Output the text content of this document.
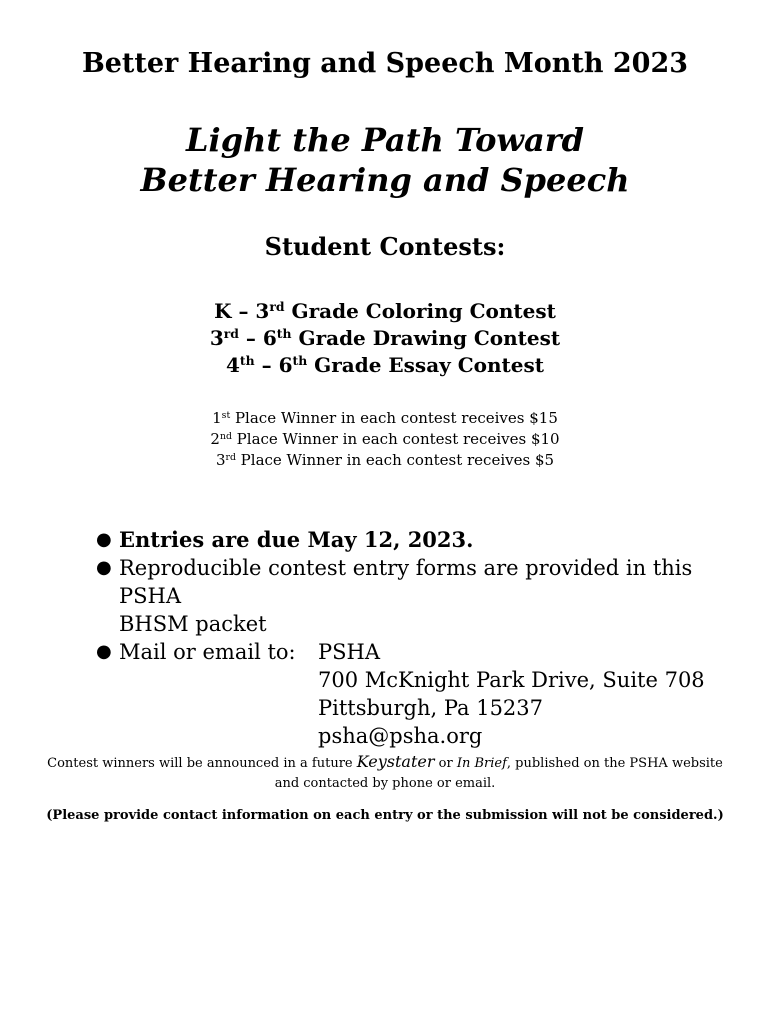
Better Hearing and Speech Month 2023
Light the Path Toward
Better Hearing and Speech
Student Contests:
K – 3rd Grade Coloring Contest
3rd – 6th Grade Drawing Contest
4th – 6th Grade Essay Contest
1st Place Winner in each contest receives $15
2nd Place Winner in each contest receives $10
3rd Place Winner in each contest receives $5
● Entries are due May 12, 2023.
● Reproducible contest entry forms are provided in this PSHA
BHSM packet
● Mail or email to:	PSHA
700 McKnight Park Drive, Suite 708
Pittsburgh, Pa 15237
psha@psha.org
Contest winners will be announced in a future Keystater or In Brief, published on the PSHA website
and contacted by phone or email.
(Please provide contact information on each entry or the submission will not be considered.)
